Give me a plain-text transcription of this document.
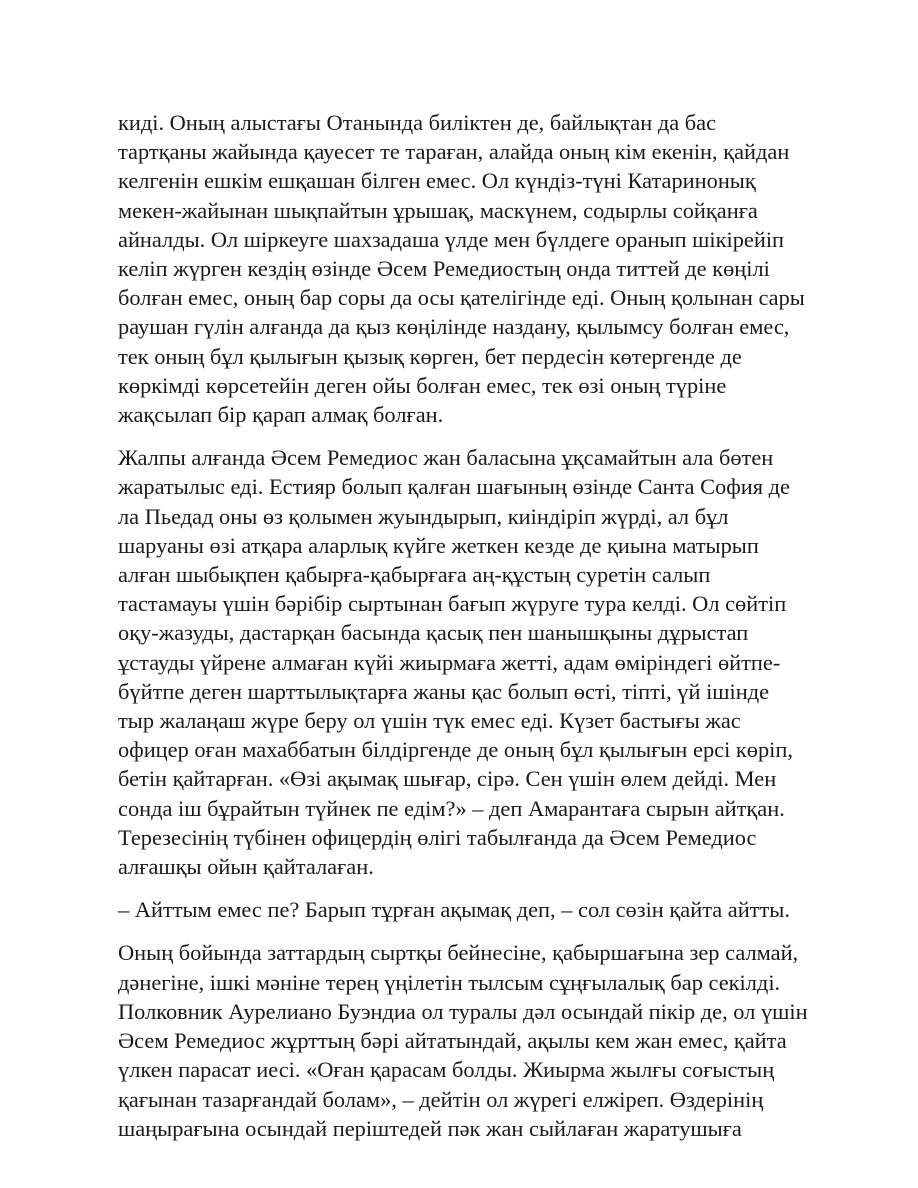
киді. Оның алыстағы Отанында биліктен де, байлықтан да бас
тартқаны жайында қауесет те тараған, алайда оның кім екенін, қайдан
келгенін ешкім ешқашан білген емес. Ол күндіз-түні Катаринонық
мекен-жайынан шықпайтын ұрышақ, маскүнем, содырлы сойқанға
айналды. Ол шіркеуге шахзадаша үлде мен бүлдеге оранып шікірейіп
келіп жүрген кездің өзінде Әсем Ремедиостың онда титтей де көңілі
болған емес, оның бар соры да осы қателігінде еді. Оның қолынан сары
раушан гүлін алғанда да қыз көңілінде наздану, қылымсу болған емес,
тек оның бұл қылығын қызық көрген, бет пердесін көтергенде де
көркімді көрсетейін деген ойы болған емес, тек өзі оның түріне
жақсылап бір қарап алмақ болған.

Жалпы алғанда Әсем Ремедиос жан баласына ұқсамайтын ала бөтен
жаратылыс еді. Естияр болып қалған шағының өзінде Санта София де
ла Пьедад оны өз қолымен жуындырып, киіндіріп жүрді, ал бұл
шаруаны өзі атқара аларлық күйге жеткен кезде де қиына матырып
алған шыбықпен қабырға-қабырғаға аң-құстың суретін салып
тастамауы үшін бәрібір сыртынан бағып жүруге тура келді. Ол сөйтіп
оқу-жазуды, дастарқан басында қасық пен шанышқыны дұрыстап
ұстауды үйрене алмаған күйі жиырмаға жетті, адам өміріндегі өйтпе-
бүйтпе деген шарттылықтарға жаны қас болып өсті, тіпті, үй ішінде
тыр жалаңаш жүре беру ол үшін түк емес еді. Күзет бастығы жас
офицер оған махаббатын білдіргенде де оның бұл қылығын ерсі көріп,
бетін қайтарған. «Өзі ақымақ шығар, сірә. Сен үшін өлем дейді. Мен
сонда іш бұрайтын түйнек пе едім?» – деп Амарантаға сырын айтқан.
Терезесінің түбінен офицердің өлігі табылғанда да Әсем Ремедиос
алғашқы ойын қайталаған.

– Айттым емес пе? Барып тұрған ақымақ деп, – сол сөзін қайта айтты.

Оның бойында заттардың сыртқы бейнесіне, қабыршағына зер салмай,
дәнегіне, ішкі мәніне терең үңілетін тылсым сұңғылалық бар секілді.
Полковник Аурелиано Буэндиа ол туралы дәл осындай пікір де, ол үшін
Әсем Ремедиос жұрттың бәрі айтатындай, ақылы кем жан емес, қайта
үлкен парасат иесі. «Оған қарасам болды. Жиырма жылғы соғыстың
қағынан тазарғандай болам», – дейтін ол жүрегі елжіреп. Өздерінің
шаңырағына осындай періштедей пәк жан сыйлаған жаратушыға
